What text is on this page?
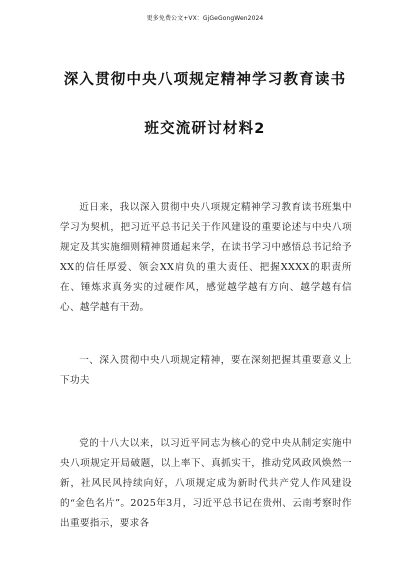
更多免费公文+VX：GjGeGongWen2024
深入贯彻中央八项规定精神学习教育读书
班交流研讨材料2

近日来，我以深入贯彻中央八项规定精神学习教育读书班集中学习为契机，把习近平总书记关于作风建设的重要论述与中央八项规定及其实施细则精神贯通起来学，在读书学习中感悟总书记给予XX的信任厚爱、领会XX肩负的重大责任、把握XXXX的职责所在、锤炼求真务实的过硬作风，感觉越学越有方向、越学越有信心、越学越有干劲。

一、深入贯彻中央八项规定精神，要在深刻把握其重要意义上下功夫

党的十八大以来，以习近平同志为核心的党中央从制定实施中央八项规定开局破题，以上率下、真抓实干，推动党风政风焕然一新，社风民风持续向好，八项规定成为新时代共产党人作风建设的“金色名片”。2025年3月，习近平总书记在贵州、云南考察时作出重要指示，要求各
